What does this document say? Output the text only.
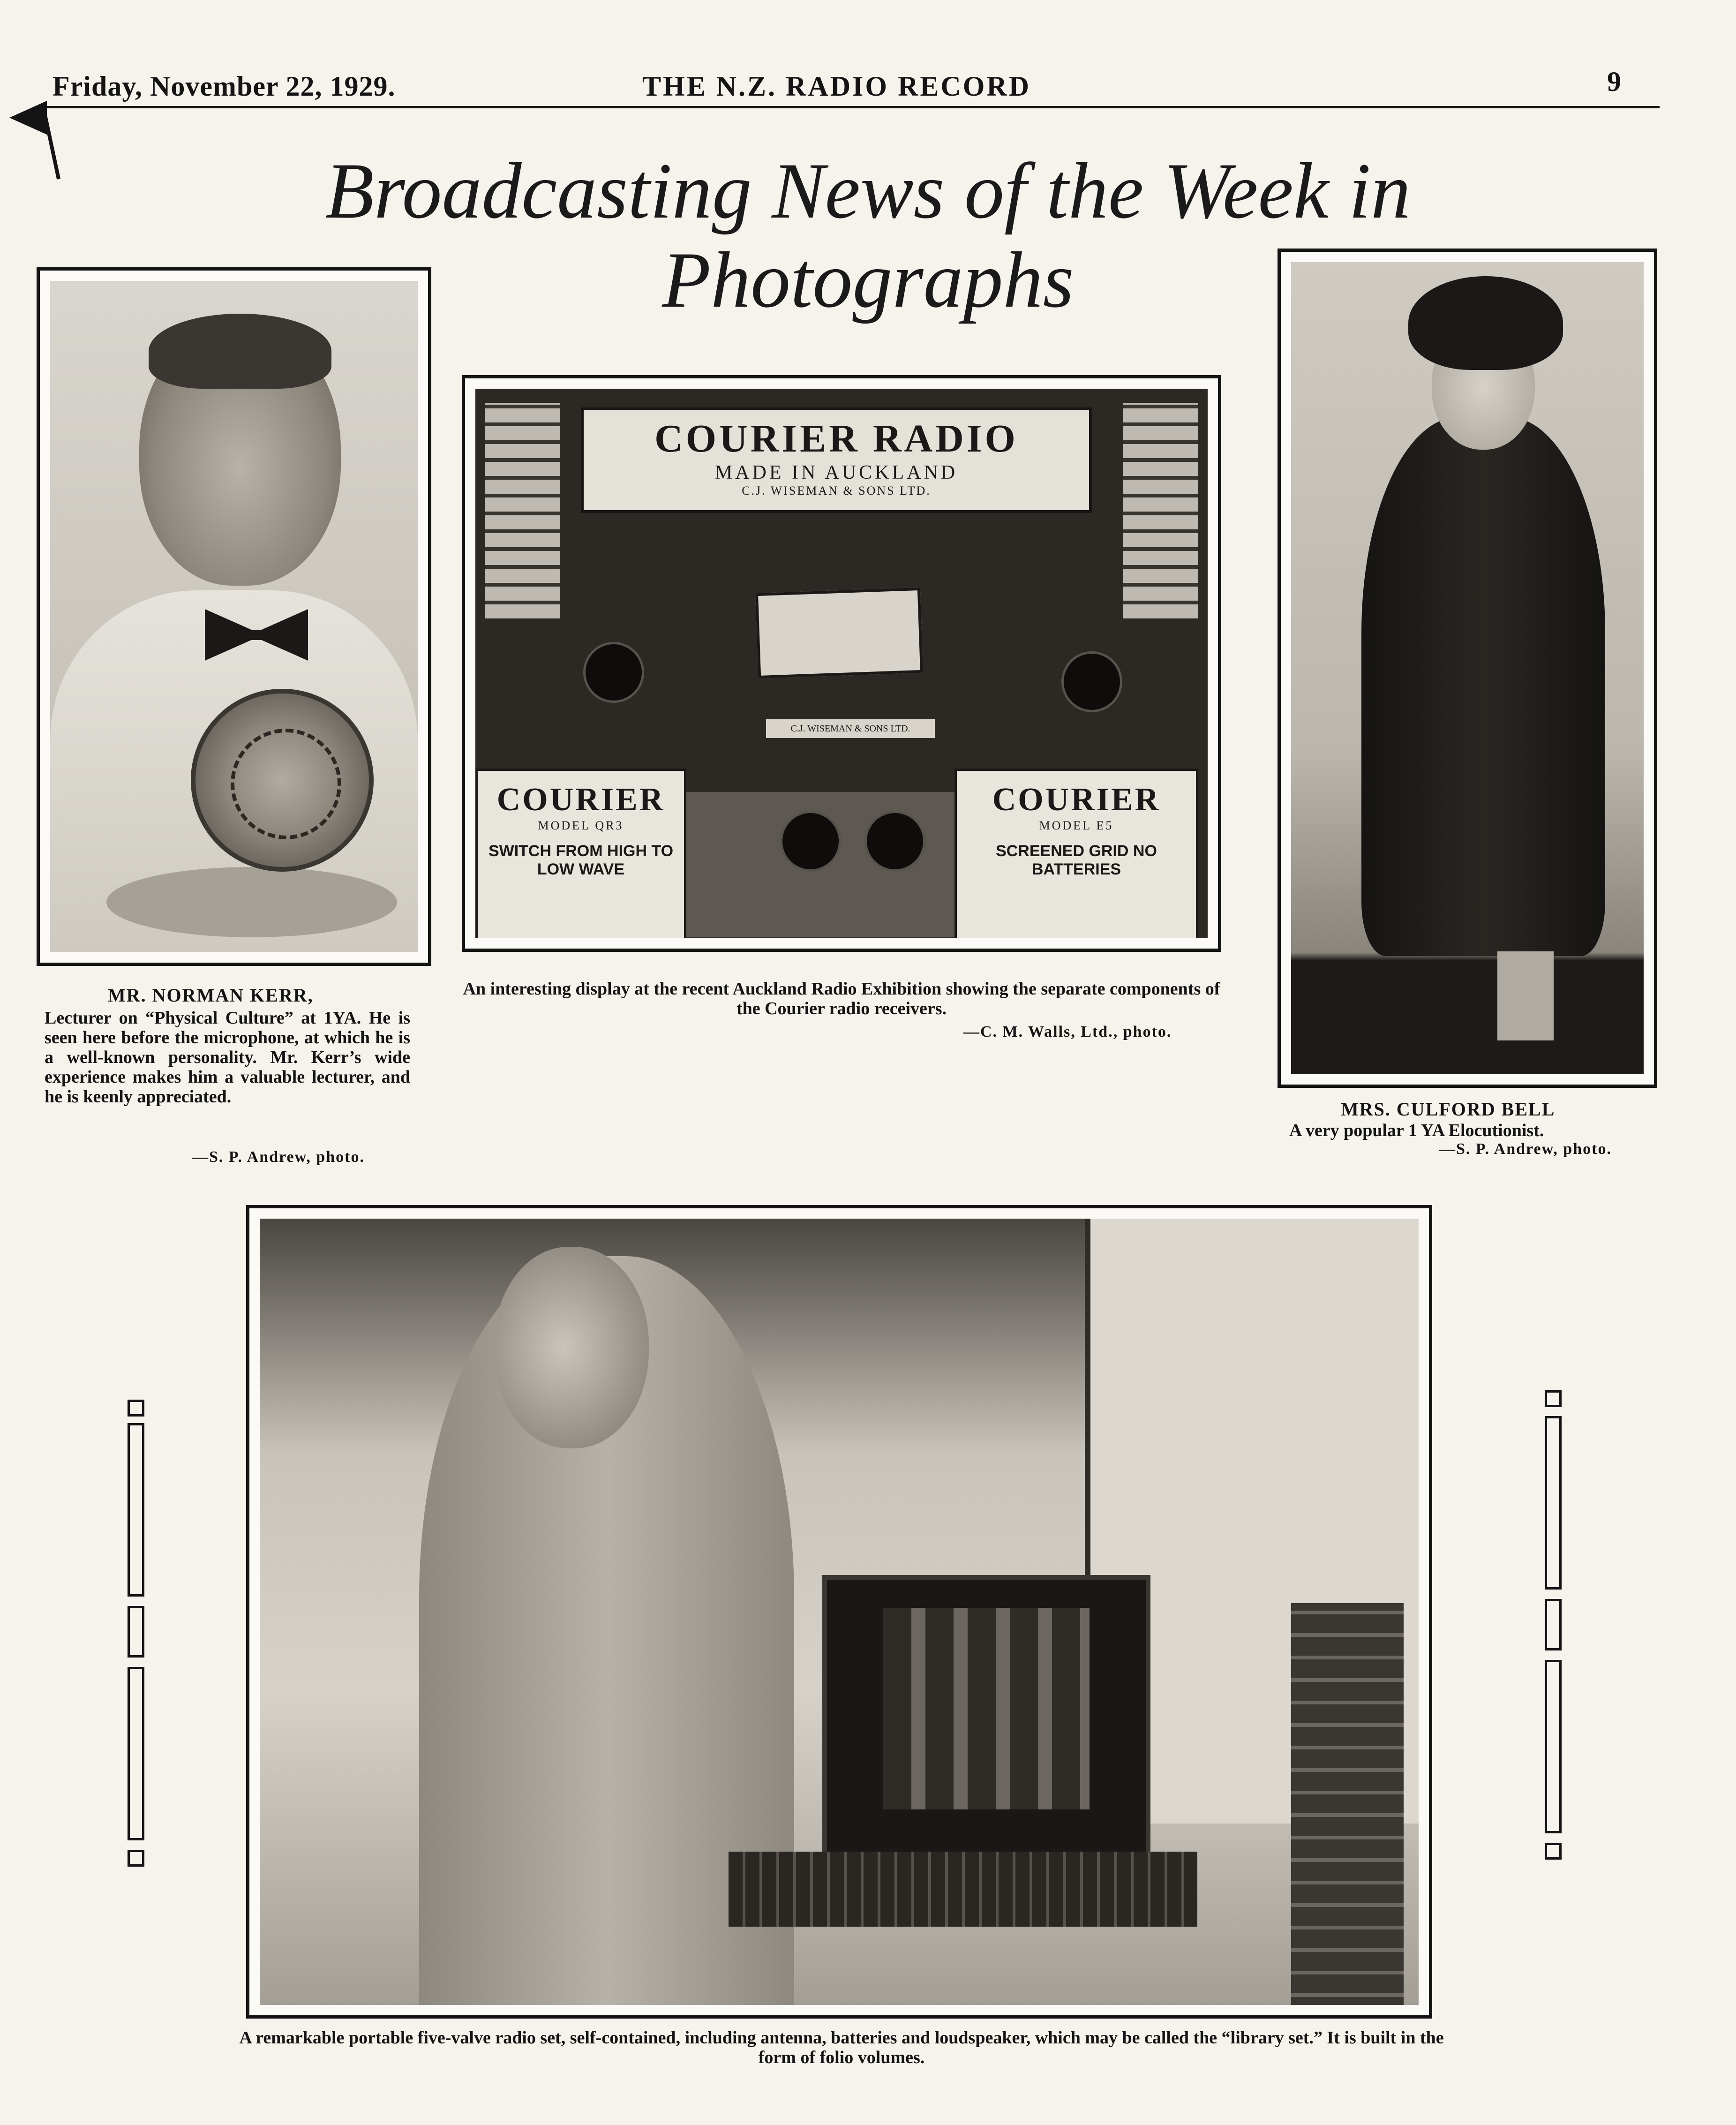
Friday, November 22, 1929.	THE N.Z. RADIO RECORD	9
Broadcasting News of the Week in
Photographs
COURIER RADIO
MADE IN AUCKLAND
C.J. WISEMAN & SONS LTD.
C.J. WISEMAN & SONS LTD.
COURIER
MODEL QR3
SWITCH FROM HIGH TO LOW WAVE
COURIER
MODEL E5
SCREENED GRID NO BATTERIES
MR. NORMAN KERR,
Lecturer on “Physical Culture” at 1YA. He is seen here before the microphone, at which he is a well-known personality. Mr. Kerr’s wide experience makes him a valuable lecturer, and he is keenly appreciated.
—S. P. Andrew, photo.
An interesting display at the recent Auckland Radio Exhibition showing the separate components of the Courier radio receivers.
—C. M. Walls, Ltd., photo.
MRS. CULFORD BELL
A very popular 1 YA Elocutionist.
—S. P. Andrew, photo.
A remarkable portable five-valve radio set, self-contained, including antenna, batteries and loudspeaker, which may be called the “library set.” It is built in the form of folio volumes.
